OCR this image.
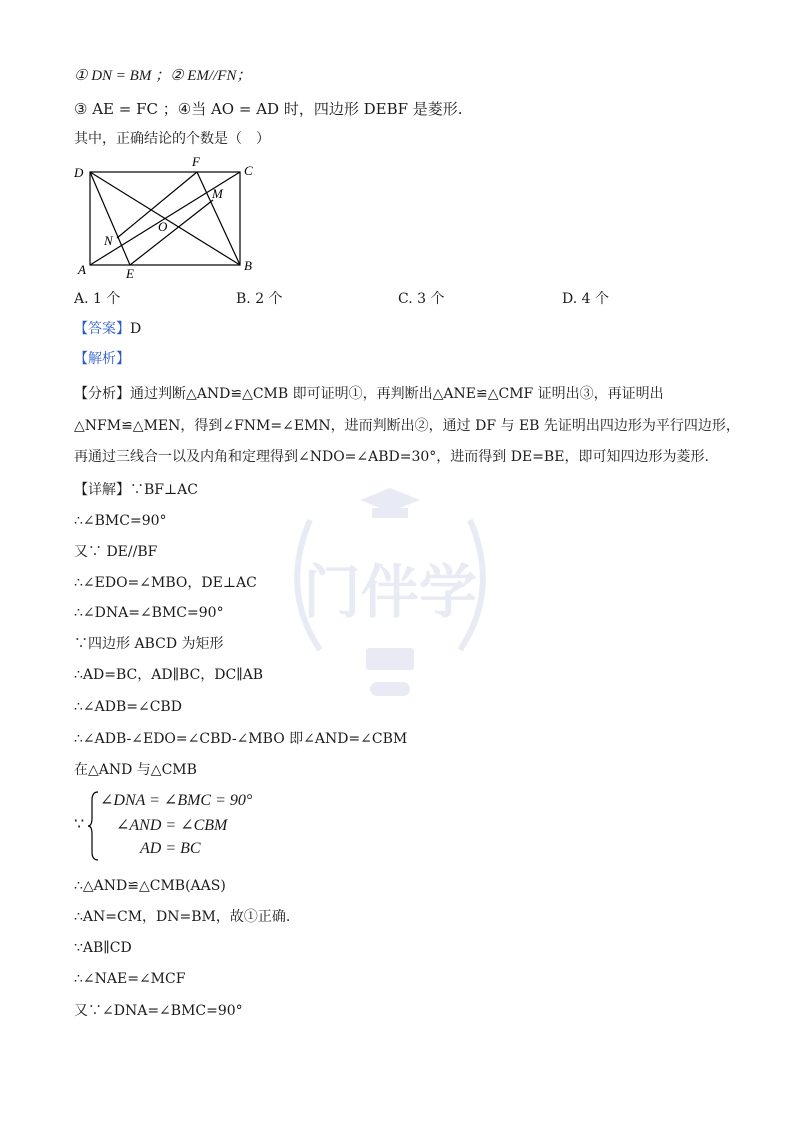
门伴学
① DN = BM ；② EM//FN；
③ AE = FC ；④当 AO = AD 时，四边形 DEBF 是菱形.
其中，正确结论的个数是（　）
D
F
C
M
O
N
A	E
B
A. 1 个	B. 2 个	C. 3 个	D. 4 个
【答案】D
【解析】
【分析】通过判断△AND≌△CMB 即可证明①，再判断出△ANE≌△CMF 证明出③，再证明出
△NFM≌△MEN，得到∠FNM=∠EMN，进而判断出②，通过 DF 与 EB 先证明出四边形为平行四边形，
再通过三线合一以及内角和定理得到∠NDO=∠ABD=30°，进而得到 DE=BE，即可知四边形为菱形.
【详解】∵BF⊥AC
∴∠BMC=90°
又∵ DE//BF
∴∠EDO=∠MBO，DE⊥AC
∴∠DNA=∠BMC=90°
∵四边形 ABCD 为矩形
∴AD=BC，AD∥BC，DC∥AB
∴∠ADB=∠CBD
∴∠ADB-∠EDO=∠CBD-∠MBO 即∠AND=∠CBM
在△AND 与△CMB
∵
∠DNA = ∠BMC = 90°
∠AND = ∠CBM
AD = BC
∴△AND≌△CMB(AAS)
∴AN=CM，DN=BM，故①正确.
∵AB∥CD
∴∠NAE=∠MCF
又∵∠DNA=∠BMC=90°
